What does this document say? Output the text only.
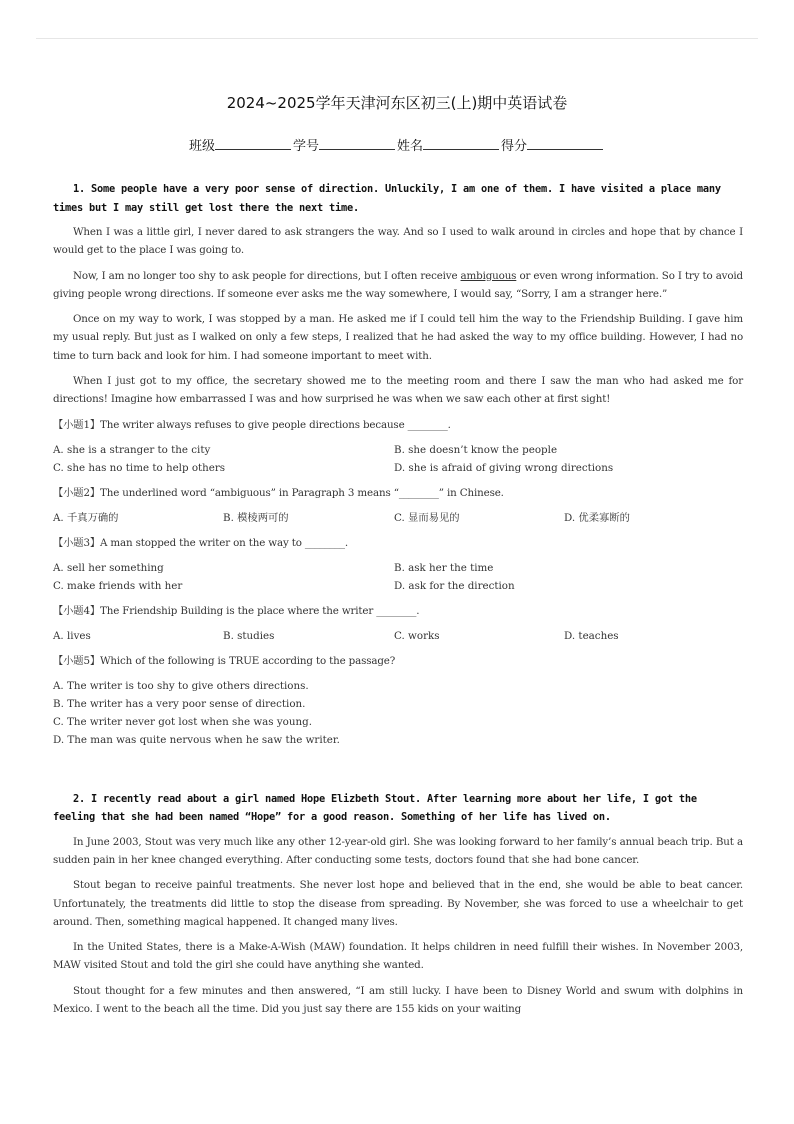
2024~2025学年天津河东区初三(上)期中英语试卷
班级	学号	姓名	得分

1. Some people have a very poor sense of direction. Unluckily, I am one of them. I have visited a place many times but I may still get lost there the next time.

When I was a little girl, I never dared to ask strangers the way. And so I used to walk around in circles and hope that by chance I would get to the place I was going to.

Now, I am no longer too shy to ask people for directions, but I often receive ambiguous or even wrong information. So I try to avoid giving people wrong directions. If someone ever asks me the way somewhere, I would say, “Sorry, I am a stranger here.”

Once on my way to work, I was stopped by a man. He asked me if I could tell him the way to the Friendship Building. I gave him my usual reply. But just as I walked on only a few steps, I realized that he had asked the way to my office building. However, I had no time to turn back and look for him. I had someone important to meet with.

When I just got to my office, the secretary showed me to the meeting room and there I saw the man who had asked me for directions! Imagine how embarrassed I was and how surprised he was when we saw each other at first sight!

【小题1】The writer always refuses to give people directions because ________.
A. she is a stranger to the city	B. she doesn’t know the people
C. she has no time to help others	D. she is afraid of giving wrong directions
【小题2】The underlined word “ambiguous” in Paragraph 3 means “________” in Chinese.
A. 千真万确的	B. 模棱两可的	C. 显而易见的	D. 优柔寡断的
【小题3】A man stopped the writer on the way to ________.
A. sell her something	B. ask her the time
C. make friends with her	D. ask for the direction
【小题4】The Friendship Building is the place where the writer ________.
A. lives	B. studies	C. works	D. teaches
【小题5】Which of the following is TRUE according to the passage?
A. The writer is too shy to give others directions.
B. The writer has a very poor sense of direction.
C. The writer never got lost when she was young.
D. The man was quite nervous when he saw the writer.

2. I recently read about a girl named Hope Elizbeth Stout. After learning more about her life, I got the feeling that she had been named “Hope” for a good reason. Something of her life has lived on.

In June 2003, Stout was very much like any other 12-year-old girl. She was looking forward to her family’s annual beach trip. But a sudden pain in her knee changed everything. After conducting some tests, doctors found that she had bone cancer.

Stout began to receive painful treatments. She never lost hope and believed that in the end, she would be able to beat cancer. Unfortunately, the treatments did little to stop the disease from spreading. By November, she was forced to use a wheelchair to get around. Then, something magical happened. It changed many lives.

In the United States, there is a Make-A-Wish (MAW) foundation. It helps children in need fulfill their wishes. In November 2003, MAW visited Stout and told the girl she could have anything she wanted.

Stout thought for a few minutes and then answered, “I am still lucky. I have been to Disney World and swum with dolphins in Mexico. I went to the beach all the time. Did you just say there are 155 kids on your waiting
